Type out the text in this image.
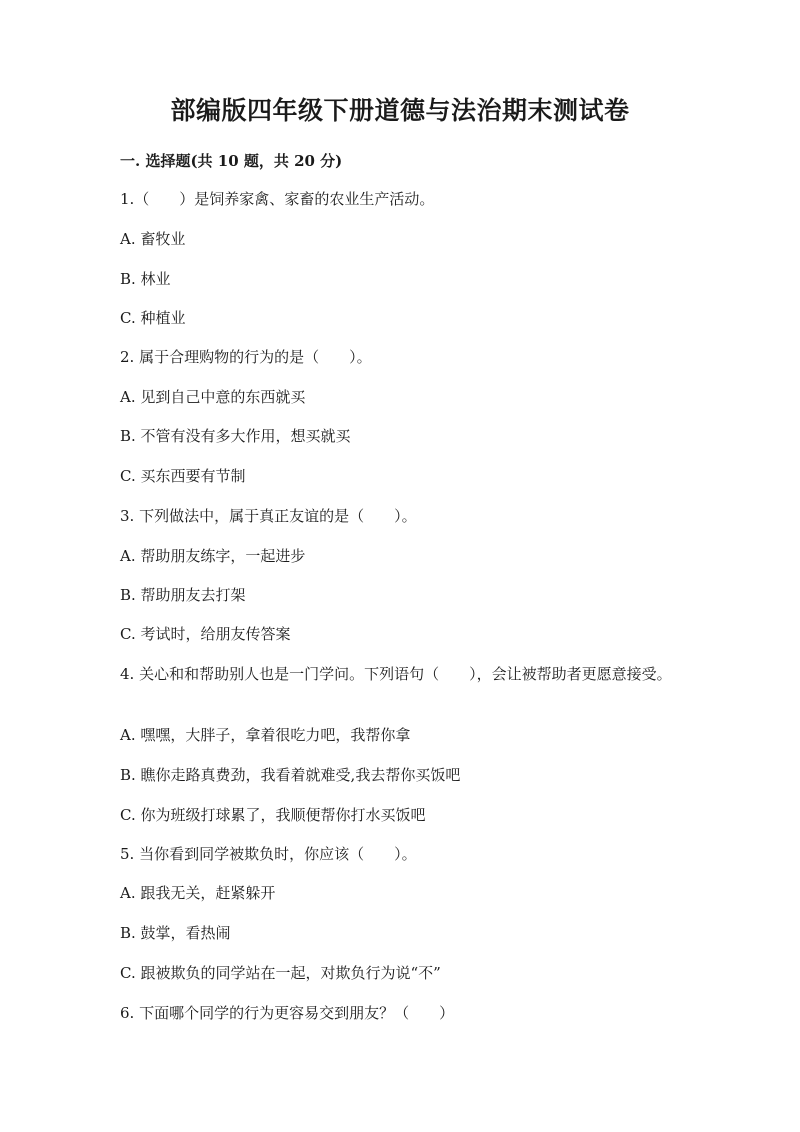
部编版四年级下册道德与法治期末测试卷
一. 选择题(共 10 题，共 20 分)

1.（　　）是饲养家禽、家畜的农业生产活动。

A. 畜牧业

B. 林业

C. 种植业

2. 属于合理购物的行为的是（　　）。

A. 见到自己中意的东西就买

B. 不管有没有多大作用，想买就买

C. 买东西要有节制

3. 下列做法中，属于真正友谊的是（　　）。

A. 帮助朋友练字，一起进步

B. 帮助朋友去打架

C. 考试时，给朋友传答案

4. 关心和和帮助别人也是一门学问。下列语句（　　），会让被帮助者更愿意接受。

A. 嘿嘿，大胖子，拿着很吃力吧，我帮你拿

B. 瞧你走路真费劲，我看着就难受,我去帮你买饭吧

C. 你为班级打球累了，我顺便帮你打水买饭吧

5. 当你看到同学被欺负时，你应该（　　）。

A. 跟我无关，赶紧躲开

B. 鼓掌，看热闹

C. 跟被欺负的同学站在一起，对欺负行为说“不”

6. 下面哪个同学的行为更容易交到朋友？（　　）
